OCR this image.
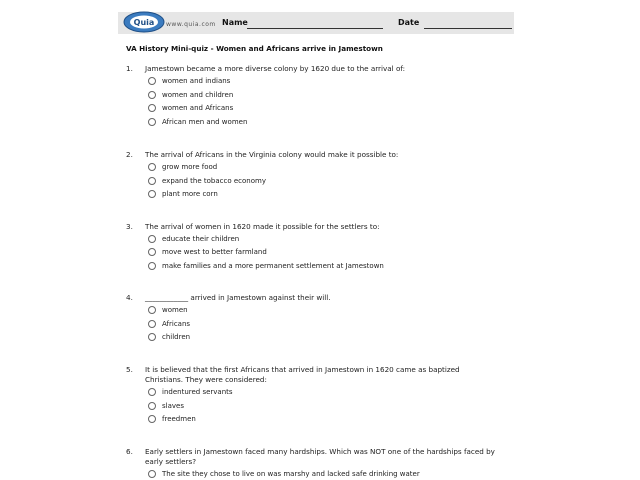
Quia www.quia.com Name	Date
VA History Mini-quiz - Women and Africans arrive in Jamestown
1. Jamestown became a more diverse colony by 1620 due to the arrival of:
women and indians
women and children
women and Africans
African men and women
2. The arrival of Africans in the Virginia colony would make it possible to:
grow more food
expand the tobacco economy
plant more corn
3. The arrival of women in 1620 made it possible for the settlers to:
educate their children
move west to better farmland
make families and a more permanent settlement at Jamestown
4. ____________ arrived in Jamestown against their will.
women
Africans
children
5. It is believed that the first Africans that arrived in Jamestown in 1620 came as baptized Christians. They were considered:
indentured servants
slaves
freedmen
6. Early settlers in Jamestown faced many hardships. Which was NOT one of the hardships faced by early settlers?
The site they chose to live on was marshy and lacked safe drinking water
